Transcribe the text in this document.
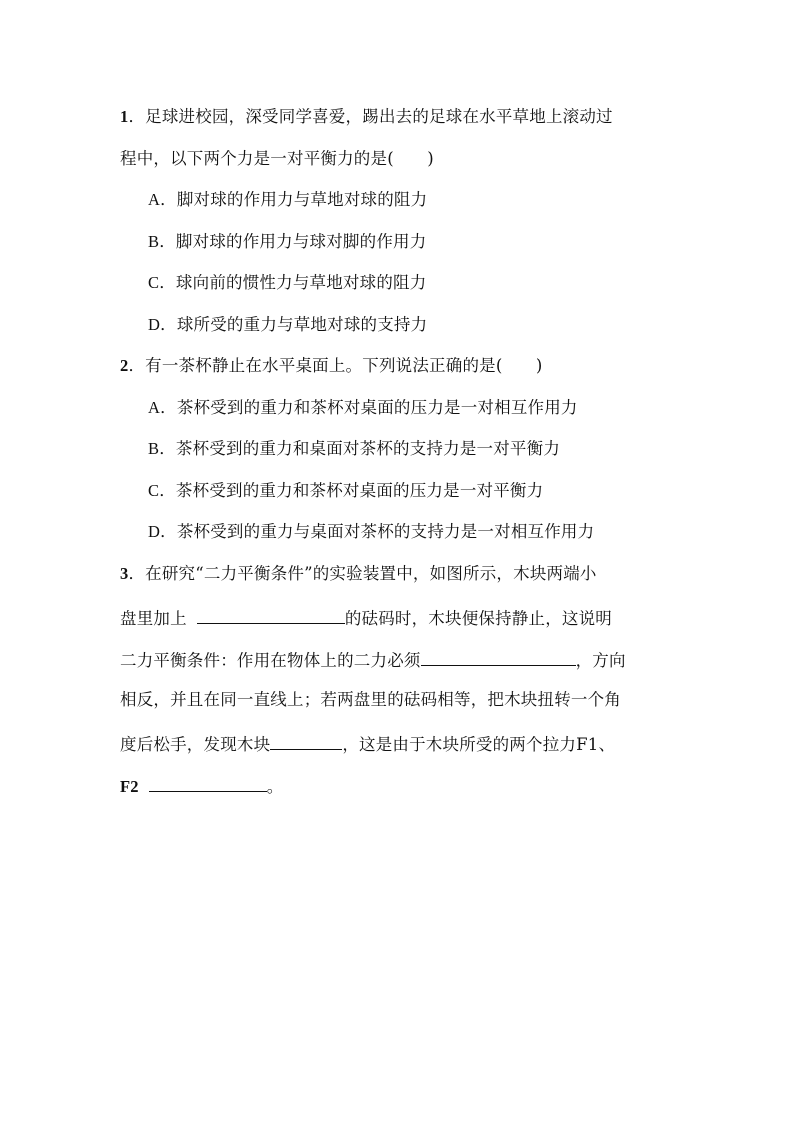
1．足球进校园，深受同学喜爱，踢出去的足球在水平草地上滚动过
程中，以下两个力是一对平衡力的是(　　)
A．脚对球的作用力与草地对球的阻力
B．脚对球的作用力与球对脚的作用力
C．球向前的惯性力与草地对球的阻力
D．球所受的重力与草地对球的支持力
2．有一茶杯静止在水平桌面上。下列说法正确的是(　　)
A．茶杯受到的重力和茶杯对桌面的压力是一对相互作用力
B．茶杯受到的重力和桌面对茶杯的支持力是一对平衡力
C．茶杯受到的重力和茶杯对桌面的压力是一对平衡力
D．茶杯受到的重力与桌面对茶杯的支持力是一对相互作用力
3．在研究“二力平衡条件”的实验装置中，如图所示，木块两端小
盘里加上	的砝码时，木块便保持静止，这说明
二力平衡条件：作用在物体上的二力必须	，方向
相反，并且在同一直线上；若两盘里的砝码相等，把木块扭转一个角
度后松手，发现木块	，这是由于木块所受的两个拉力F1、
F2	。
